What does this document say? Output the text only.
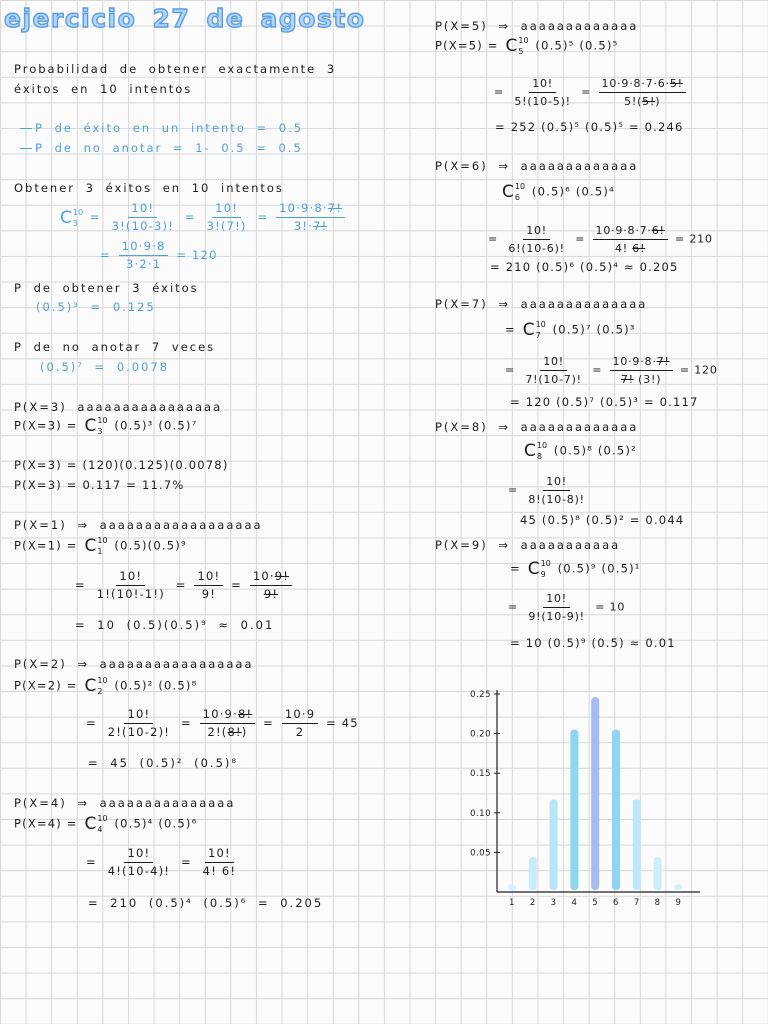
ejercicio 27 de agosto
Probabilidad de obtener exactamente 3
éxitos en 10 intentos
P de éxito en un intento = 0.5
P de no anotar = 1- 0.5 = 0.5
Obtener 3 éxitos en 10 intentos
C 10
$3 = \frac{10!}{3!(10-3)!} = \frac{10!}{3!(7!)} = \frac{10\cdot 9\cdot 8\cdot 7!}{3!\cdot 7!}$
= $\frac{10\cdot 9\cdot 8}{3\cdot 2\cdot 1} = 120$
P de obtener 3 éxitos
(0.5)³ = 0.125
P de no anotar 7 veces
(0.5)⁷ = 0.0078
P(X=3) aaaaaaaaaaaaaaaa
P(X=3) = C 10
3 (0.5)³ (0.5)⁷
P(X=3) = (120)(0.125)(0.0078)
P(X=3) = 0.117 = 11.7%
P(X=1) ⇒ aaaaaaaaaaaaaaaaaa
P(X=1) = C 10
1 (0.5)(0.5)⁹
= $\frac{10!}{1!(10!-1!)} = \frac{10!}{9!} = \frac{10\cdot 9!}{9!}$
= 10 (0.5)(0.5)⁹ ≈ 0.01
P(X=2) ⇒ aaaaaaaaaaaaaaaaa
P(X=2) = C 10
2 (0.5)² (0.5)⁸
= $\frac{10!}{2!(10-2)!} = \frac{10\cdot 9\cdot 8!}{2!(8!)} = \frac{10\cdot 9}{2} = 45$
= 45 (0.5)² (0.5)⁸
P(X=4) ⇒ aaaaaaaaaaaaaaa
P(X=4) = C 10
4 (0.5)⁴ (0.5)⁶
= $\frac{10!}{4!(10-4)!} = \frac{10!}{4! 6!}$
= 210 (0.5)⁴ (0.5)⁶ = 0.205
P(X=5) ⇒ aaaaaaaaaaaaa
P(X=5) = C 10
5 (0.5)⁵ (0.5)⁵
= $\frac{10!}{5!(10-5)!} = \frac{10\cdot 9\cdot 8\cdot 7\cdot 6\cdot 5!}{5!(5!)}$
= 252 (0.5)⁵ (0.5)⁵ = 0.246
P(X=6) ⇒ aaaaaaaaaaaaa
C 10
6 (0.5)⁶ (0.5)⁴
= $\frac{10!}{6!(10-6)!} = \frac{10\cdot 9\cdot 8\cdot 7\cdot 6!}{4! 6!} = 210$
= 210 (0.5)⁶ (0.5)⁴ ≈ 0.205
P(X=7) ⇒ aaaaaaaaaaaaaa
= C 10
7 (0.5)⁷ (0.5)³
= $\frac{10!}{7!(10-7)!} = \frac{10\cdot 9\cdot 8\cdot 7!}{7! (3!)} = 120$
= 120 (0.5)⁷ (0.5)³ = 0.117
P(X=8) ⇒ aaaaaaaaaaaaa
C 10
8 (0.5)⁸ (0.5)²
= $\frac{10!}{8!(10-8)!}$
45 (0.5)⁸ (0.5)² = 0.044
P(X=9) ⇒ aaaaaaaaaaa
= C 10
9 (0.5)⁹ (0.5)¹
= $\frac{10!}{9!(10-9)!} = 10$
= 10 (0.5)⁹ (0.5) ≈ 0.01
1 2 3 4 5 6 7 8 9
0.25
0.20
0.15
0.10
0.05
